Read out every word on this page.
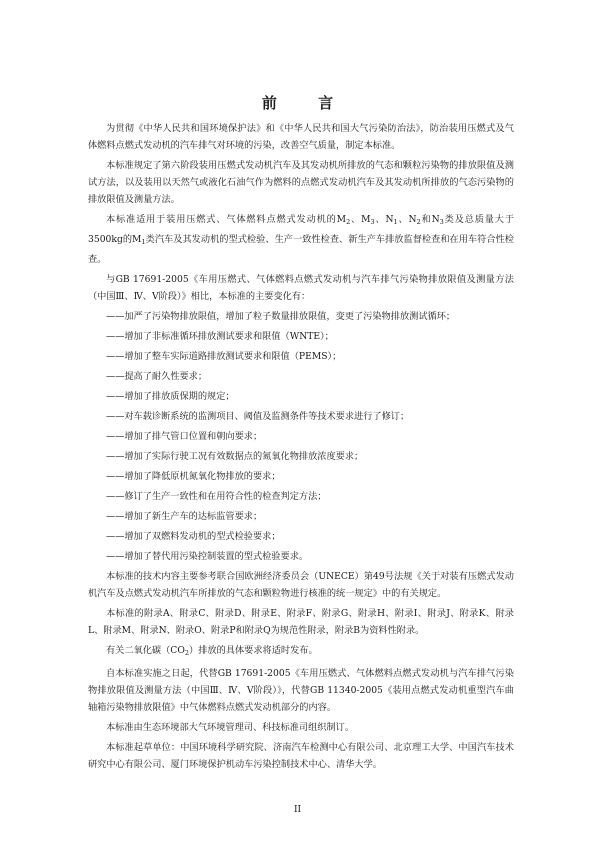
前 言

为贯彻《中华人民共和国环境保护法》和《中华人民共和国大气污染防治法》，防治装用压燃式及气体燃料点燃式发动机的汽车排气对环境的污染，改善空气质量，制定本标准。

本标准规定了第六阶段装用压燃式发动机汽车及其发动机所排放的气态和颗粒污染物的排放限值及测试方法，以及装用以天然气或液化石油气作为燃料的点燃式发动机汽车及其发动机所排放的气态污染物的排放限值及测量方法。

本标准适用于装用压燃式、气体燃料点燃式发动机的$M_2$、$M_3$、$N_1$、$N_2$和$N_3$类及总质量大于3500kg的$M_1$类汽车及其发动机的型式检验、生产一致性检查、新生产车排放监督检查和在用车符合性检查。

与GB 17691-2005《车用压燃式、气体燃料点燃式发动机与汽车排气污染物排放限值及测量方法（中国Ⅲ、Ⅳ、Ⅴ阶段）》相比，本标准的主要变化有：

——加严了污染物排放限值，增加了粒子数量排放限值，变更了污染物排放测试循环；
——增加了非标准循环排放测试要求和限值（WNTE）；
——增加了整车实际道路排放测试要求和限值（PEMS）；
——提高了耐久性要求；
——增加了排放质保期的规定；
——对车载诊断系统的监测项目、阈值及监测条件等技术要求进行了修订；
——增加了排气管口位置和朝向要求；
——增加了实际行驶工况有效数据点的氮氧化物排放浓度要求；
——增加了降低原机氮氧化物排放的要求；
——修订了生产一致性和在用符合性的检查判定方法；
——增加了新生产车的达标监管要求；
——增加了双燃料发动机的型式检验要求；
——增加了替代用污染控制装置的型式检验要求。

本标准的技术内容主要参考联合国欧洲经济委员会（UNECE）第49号法规《关于对装有压燃式发动机汽车及点燃式发动机汽车所排放的气态和颗粒物进行核准的统一规定》中的有关规定。

本标准的附录A、附录C、附录D、附录E、附录F、附录G、附录H、附录I、附录J、附录K、附录L、附录M、附录N、附录O、附录P和附录Q为规范性附录，附录B为资料性附录。

有关二氧化碳$(CO_2)$排放的具体要求将适时发布。

自本标准实施之日起，代替GB 17691-2005《车用压燃式、气体燃料点燃式发动机与汽车排气污染物排放限值及测量方法（中国Ⅲ、Ⅳ、Ⅴ阶段）》，代替GB 11340-2005《装用点燃式发动机重型汽车曲轴箱污染物排放限值》中气体燃料点燃式发动机部分的内容。

本标准由生态环境部大气环境管理司、科技标准司组织制订。

本标准起草单位：中国环境科学研究院、济南汽车检测中心有限公司、北京理工大学、中国汽车技术研究中心有限公司、厦门环境保护机动车污染控制技术中心、清华大学。

II
